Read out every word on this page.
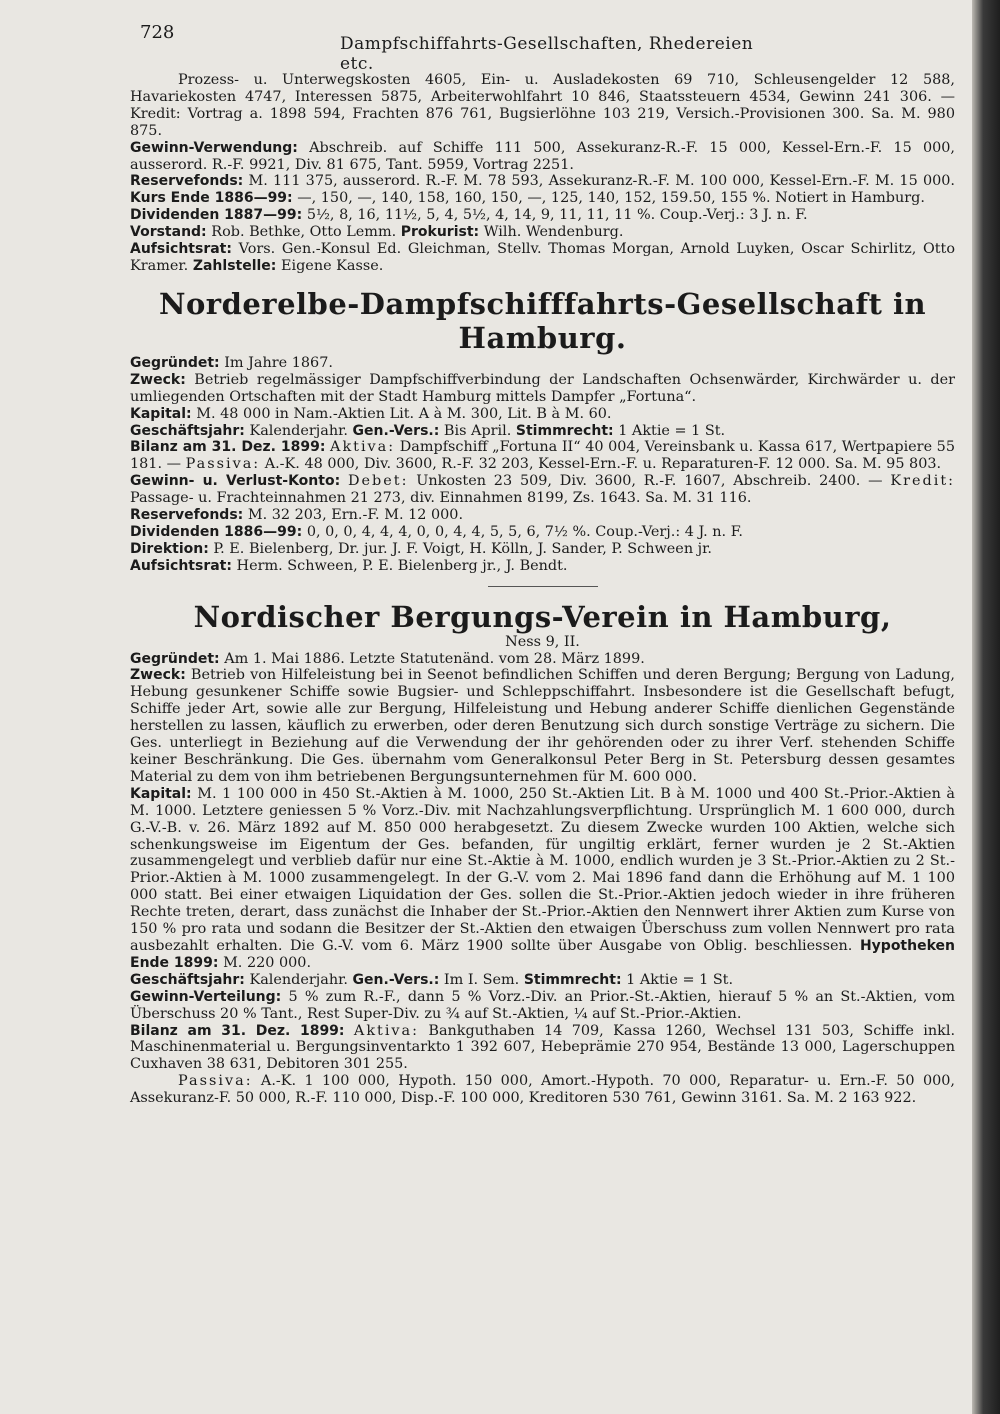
728
Dampfschiffahrts-Gesellschaften, Rhedereien etc.

Prozess- u. Unterwegskosten 4605, Ein- u. Ausladekosten 69 710, Schleusengelder 12 588, Havariekosten 4747, Interessen 5875, Arbeiterwohlfahrt 10 846, Staatssteuern 4534, Gewinn 241 306. — Kredit: Vortrag a. 1898 594, Frachten 876 761, Bugsierlöhne 103 219, Versich.-Provisionen 300. Sa. M. 980 875.

Gewinn-Verwendung: Abschreib. auf Schiffe 111 500, Assekuranz-R.-F. 15 000, Kessel-Ern.-F. 15 000, ausserord. R.-F. 9921, Div. 81 675, Tant. 5959, Vortrag 2251.

Reservefonds: M. 111 375, ausserord. R.-F. M. 78 593, Assekuranz-R.-F. M. 100 000, Kessel-Ern.-F. M. 15 000. Kurs Ende 1886—99: —, 150, —, 140, 158, 160, 150, —, 125, 140, 152, 159.50, 155 %. Notiert in Hamburg.

Dividenden 1887—99: 5½, 8, 16, 11½, 5, 4, 5½, 4, 14, 9, 11, 11, 11 %. Coup.-Verj.: 3 J. n. F.

Vorstand: Rob. Bethke, Otto Lemm. Prokurist: Wilh. Wendenburg.

Aufsichtsrat: Vors. Gen.-Konsul Ed. Gleichman, Stellv. Thomas Morgan, Arnold Luyken, Oscar Schirlitz, Otto Kramer. Zahlstelle: Eigene Kasse.

Norderelbe-Dampfschifffahrts-Gesellschaft in Hamburg.

Gegründet: Im Jahre 1867.

Zweck: Betrieb regelmässiger Dampfschiffverbindung der Landschaften Ochsenwärder, Kirchwärder u. der umliegenden Ortschaften mit der Stadt Hamburg mittels Dampfer „Fortuna“.

Kapital: M. 48 000 in Nam.-Aktien Lit. A à M. 300, Lit. B à M. 60.

Geschäftsjahr: Kalenderjahr. Gen.-Vers.: Bis April. Stimmrecht: 1 Aktie = 1 St.

Bilanz am 31. Dez. 1899: Aktiva: Dampfschiff „Fortuna II“ 40 004, Vereinsbank u. Kassa 617, Wertpapiere 55 181. — Passiva: A.-K. 48 000, Div. 3600, R.-F. 32 203, Kessel-Ern.-F. u. Reparaturen-F. 12 000. Sa. M. 95 803.

Gewinn- u. Verlust-Konto: Debet: Unkosten 23 509, Div. 3600, R.-F. 1607, Abschreib. 2400. — Kredit: Passage- u. Frachteinnahmen 21 273, div. Einnahmen 8199, Zs. 1643. Sa. M. 31 116.

Reservefonds: M. 32 203, Ern.-F. M. 12 000.

Dividenden 1886—99: 0, 0, 0, 4, 4, 4, 0, 0, 4, 4, 5, 5, 6, 7½ %. Coup.-Verj.: 4 J. n. F.

Direktion: P. E. Bielenberg, Dr. jur. J. F. Voigt, H. Kölln, J. Sander, P. Schween jr.

Aufsichtsrat: Herm. Schween, P. E. Bielenberg jr., J. Bendt.

Nordischer Bergungs-Verein in Hamburg,

Ness 9, II.

Gegründet: Am 1. Mai 1886. Letzte Statutenänd. vom 28. März 1899.

Zweck: Betrieb von Hilfeleistung bei in Seenot befindlichen Schiffen und deren Bergung; Bergung von Ladung, Hebung gesunkener Schiffe sowie Bugsier- und Schleppschiffahrt. Insbesondere ist die Gesellschaft befugt, Schiffe jeder Art, sowie alle zur Bergung, Hilfeleistung und Hebung anderer Schiffe dienlichen Gegenstände herstellen zu lassen, käuflich zu erwerben, oder deren Benutzung sich durch sonstige Verträge zu sichern. Die Ges. unterliegt in Beziehung auf die Verwendung der ihr gehörenden oder zu ihrer Verf. stehenden Schiffe keiner Beschränkung. Die Ges. übernahm vom Generalkonsul Peter Berg in St. Petersburg dessen gesamtes Material zu dem von ihm betriebenen Bergungsunternehmen für M. 600 000.

Kapital: M. 1 100 000 in 450 St.-Aktien à M. 1000, 250 St.-Aktien Lit. B à M. 1000 und 400 St.-Prior.-Aktien à M. 1000. Letztere geniessen 5 % Vorz.-Div. mit Nachzahlungsverpflichtung. Ursprünglich M. 1 600 000, durch G.-V.-B. v. 26. März 1892 auf M. 850 000 herabgesetzt. Zu diesem Zwecke wurden 100 Aktien, welche sich schenkungsweise im Eigentum der Ges. befanden, für ungiltig erklärt, ferner wurden je 2 St.-Aktien zusammengelegt und verblieb dafür nur eine St.-Aktie à M. 1000, endlich wurden je 3 St.-Prior.-Aktien zu 2 St.-Prior.-Aktien à M. 1000 zusammengelegt. In der G.-V. vom 2. Mai 1896 fand dann die Erhöhung auf M. 1 100 000 statt. Bei einer etwaigen Liquidation der Ges. sollen die St.-Prior.-Aktien jedoch wieder in ihre früheren Rechte treten, derart, dass zunächst die Inhaber der St.-Prior.-Aktien den Nennwert ihrer Aktien zum Kurse von 150 % pro rata und sodann die Besitzer der St.-Aktien den etwaigen Überschuss zum vollen Nennwert pro rata ausbezahlt erhalten. Die G.-V. vom 6. März 1900 sollte über Ausgabe von Oblig. beschliessen. Hypotheken Ende 1899: M. 220 000.

Geschäftsjahr: Kalenderjahr. Gen.-Vers.: Im I. Sem. Stimmrecht: 1 Aktie = 1 St.

Gewinn-Verteilung: 5 % zum R.-F., dann 5 % Vorz.-Div. an Prior.-St.-Aktien, hierauf 5 % an St.-Aktien, vom Überschuss 20 % Tant., Rest Super-Div. zu ¾ auf St.-Aktien, ¼ auf St.-Prior.-Aktien.

Bilanz am 31. Dez. 1899: Aktiva: Bankguthaben 14 709, Kassa 1260, Wechsel 131 503, Schiffe inkl. Maschinenmaterial u. Bergungsinventarkto 1 392 607, Hebeprämie 270 954, Bestände 13 000, Lagerschuppen Cuxhaven 38 631, Debitoren 301 255.

Passiva: A.-K. 1 100 000, Hypoth. 150 000, Amort.-Hypoth. 70 000, Reparatur- u. Ern.-F. 50 000, Assekuranz-F. 50 000, R.-F. 110 000, Disp.-F. 100 000, Kreditoren 530 761, Gewinn 3161. Sa. M. 2 163 922.
